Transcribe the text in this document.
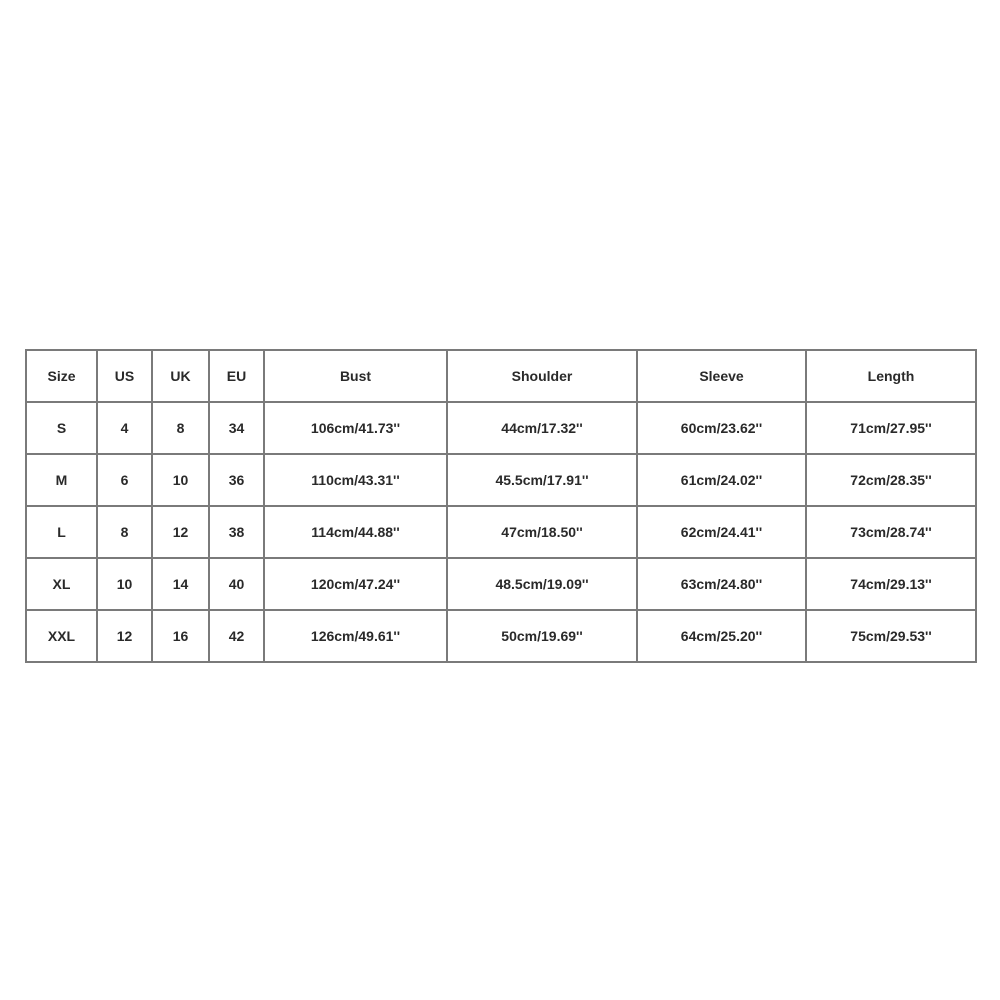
Size	US	UK	EU	Bust	Shoulder	Sleeve	Length
S	4	8	34	106cm/41.73''	44cm/17.32''	60cm/23.62''	71cm/27.95''
M	6	10	36	110cm/43.31''	45.5cm/17.91''	61cm/24.02''	72cm/28.35''
L	8	12	38	114cm/44.88''	47cm/18.50''	62cm/24.41''	73cm/28.74''
XL	10	14	40	120cm/47.24''	48.5cm/19.09''	63cm/24.80''	74cm/29.13''
XXL	12	16	42	126cm/49.61''	50cm/19.69''	64cm/25.20''	75cm/29.53''
